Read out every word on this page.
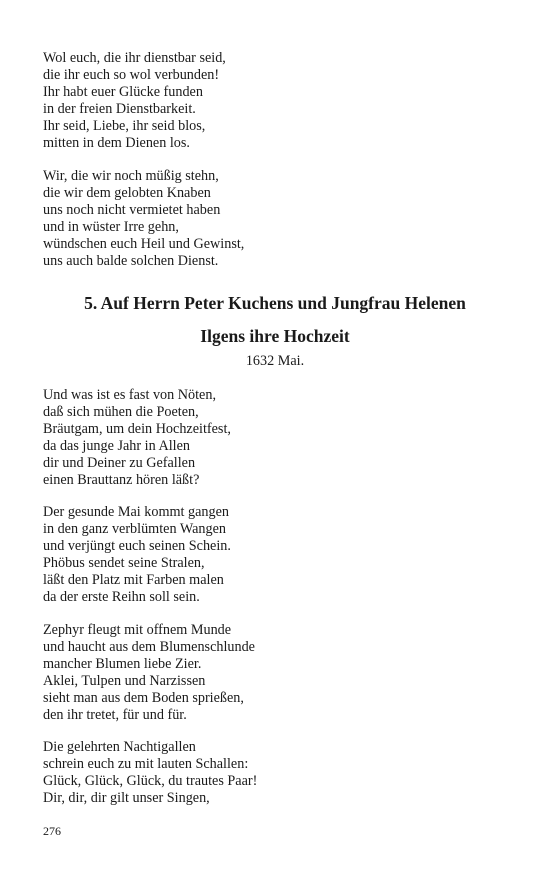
Wol euch, die ihr dienstbar seid,
die ihr euch so wol verbunden!
Ihr habt euer Glücke funden
in der freien Dienstbarkeit.
Ihr seid, Liebe, ihr seid blos,
mitten in dem Dienen los.
Wir, die wir noch müßig stehn,
die wir dem gelobten Knaben
uns noch nicht vermietet haben
und in wüster Irre gehn,
wündschen euch Heil und Gewinst,
uns auch balde solchen Dienst.
5. Auf Herrn Peter Kuchens und Jungfrau Helenen
Ilgens ihre Hochzeit
1632 Mai.
Und was ist es fast von Nöten,
daß sich mühen die Poeten,
Bräutgam, um dein Hochzeitfest,
da das junge Jahr in Allen
dir und Deiner zu Gefallen
einen Brauttanz hören läßt?
Der gesunde Mai kommt gangen
in den ganz verblümten Wangen
und verjüngt euch seinen Schein.
Phöbus sendet seine Stralen,
läßt den Platz mit Farben malen
da der erste Reihn soll sein.
Zephyr fleugt mit offnem Munde
und haucht aus dem Blumenschlunde
mancher Blumen liebe Zier.
Aklei, Tulpen und Narzissen
sieht man aus dem Boden sprießen,
den ihr tretet, für und für.
Die gelehrten Nachtigallen
schrein euch zu mit lauten Schallen:
Glück, Glück, Glück, du trautes Paar!
Dir, dir, dir gilt unser Singen,
276
